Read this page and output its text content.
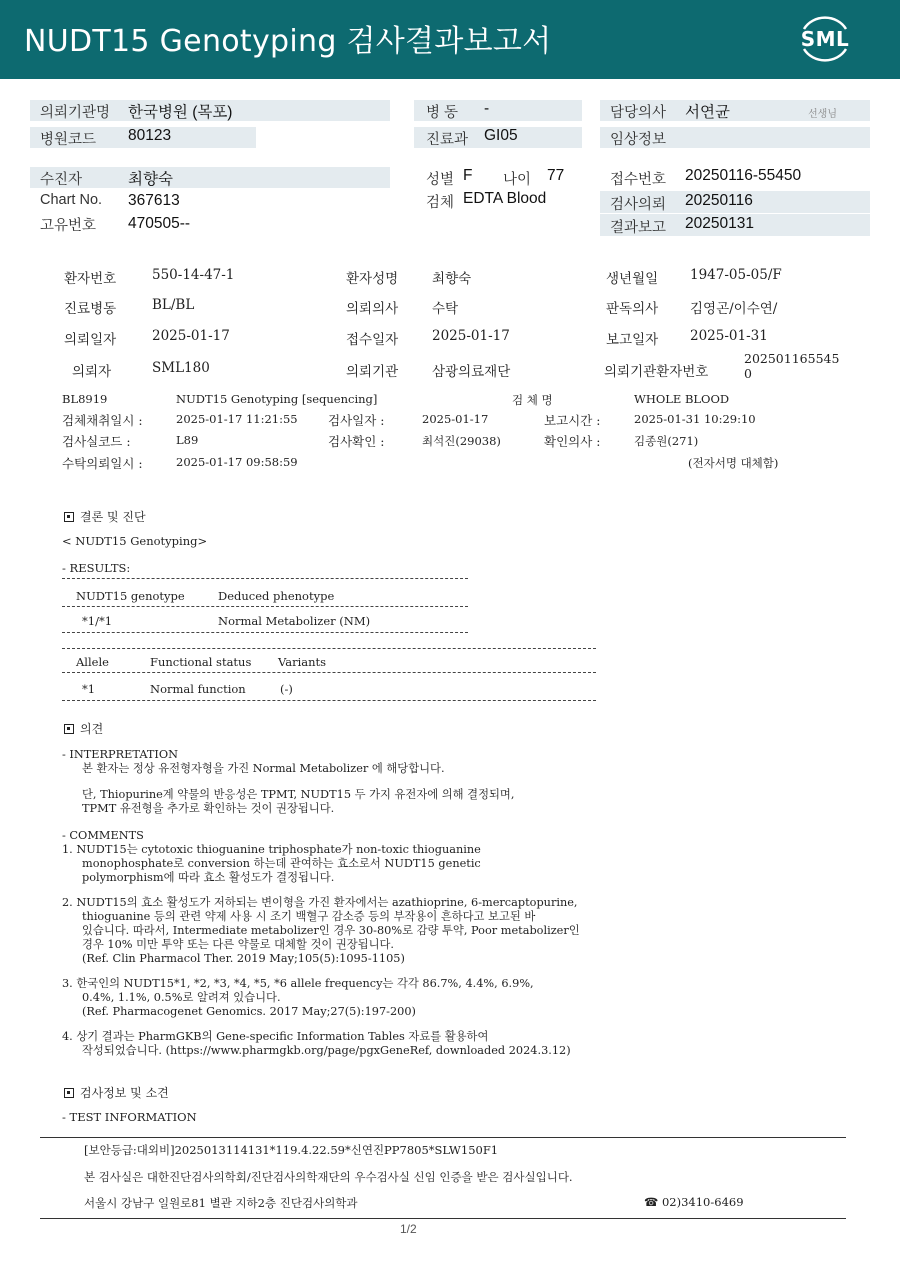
NUDT15 Genotyping 검사결과보고서	SML
의뢰기관명 한국병원 (목포)
병원코드 80123
병 동 -
진료과 GI05
담당의사 서연균	선생님
임상정보
수진자	최향숙
Chart No. 367613
고유번호 470505--
성별 F 나이 77
검체 EDTA Blood
접수번호 20250116-55450
검사의뢰 20250116
결과보고 20250131
환자번호	550-14-47-1	환자성명	최향숙	생년월일 1947-05-05/F
진료병동	BL/BL	의뢰의사	수탁	판독의사 김영곤/이수연/
의뢰일자	2025-01-17	접수일자	2025-01-17	보고일자 2025-01-31
의뢰자	SML180	의뢰기관	삼광의료재단	의뢰기관환자번호
202501165545
0
BL8919	NUDT15 Genotyping [sequencing]	검 체 명	WHOLE BLOOD
검체채취일시 :	2025-01-17 11:21:55 검사일자 :	2025-01-17	보고시간 :	2025-01-31 10:29:10
검사실코드 :	L89	검사확인 :	최석진(29038)	확인의사 :	김종원(271)
수탁의뢰일시 :	2025-01-17 09:58:59	(전자서명 대체함)
결론 및 진단
< NUDT15 Genotyping>
- RESULTS:
NUDT15 genotype	Deduced phenotype
*1/*1	Normal Metabolizer (NM)
Allele	Functional status Variants
*1	Normal function	(-)
의견
- INTERPRETATION
본 환자는 정상 유전형자형을 가진 Normal Metabolizer 에 해당합니다.
단, Thiopurine계 약물의 반응성은 TPMT, NUDT15 두 가지 유전자에 의해 결정되며,
TPMT 유전형을 추가로 확인하는 것이 권장됩니다.
- COMMENTS
1. NUDT15는 cytotoxic thioguanine triphosphate가 non-toxic thioguanine
monophosphate로 conversion 하는데 관여하는 효소로서 NUDT15 genetic
polymorphism에 따라 효소 활성도가 결정됩니다.
2. NUDT15의 효소 활성도가 저하되는 변이형을 가진 환자에서는 azathioprine, 6-mercaptopurine,
thioguanine 등의 관련 약제 사용 시 조기 백혈구 감소증 등의 부작용이 흔하다고 보고된 바
있습니다. 따라서, Intermediate metabolizer인 경우 30-80%로 감량 투약, Poor metabolizer인
경우 10% 미만 투약 또는 다른 약물로 대체할 것이 권장됩니다.
(Ref. Clin Pharmacol Ther. 2019 May;105(5):1095-1105)
3. 한국인의 NUDT15*1, *2, *3, *4, *5, *6 allele frequency는 각각 86.7%, 4.4%, 6.9%,
0.4%, 1.1%, 0.5%로 알려져 있습니다.
(Ref. Pharmacogenet Genomics. 2017 May;27(5):197-200)
4. 상기 결과는 PharmGKB의 Gene-specific Information Tables 자료를 활용하여
작성되었습니다. (https://www.pharmgkb.org/page/pgxGeneRef, downloaded 2024.3.12)
검사정보 및 소견
- TEST INFORMATION
[보안등급:대외비]2025013114131*119.4.22.59*신연진PP7805*SLW150F1
본 검사실은 대한진단검사의학회/진단검사의학재단의 우수검사실 신임 인증을 받은 검사실입니다.
서울시 강남구 일원로81 별관 지하2층 진단검사의학과	☎ 02)3410-6469
1/2
